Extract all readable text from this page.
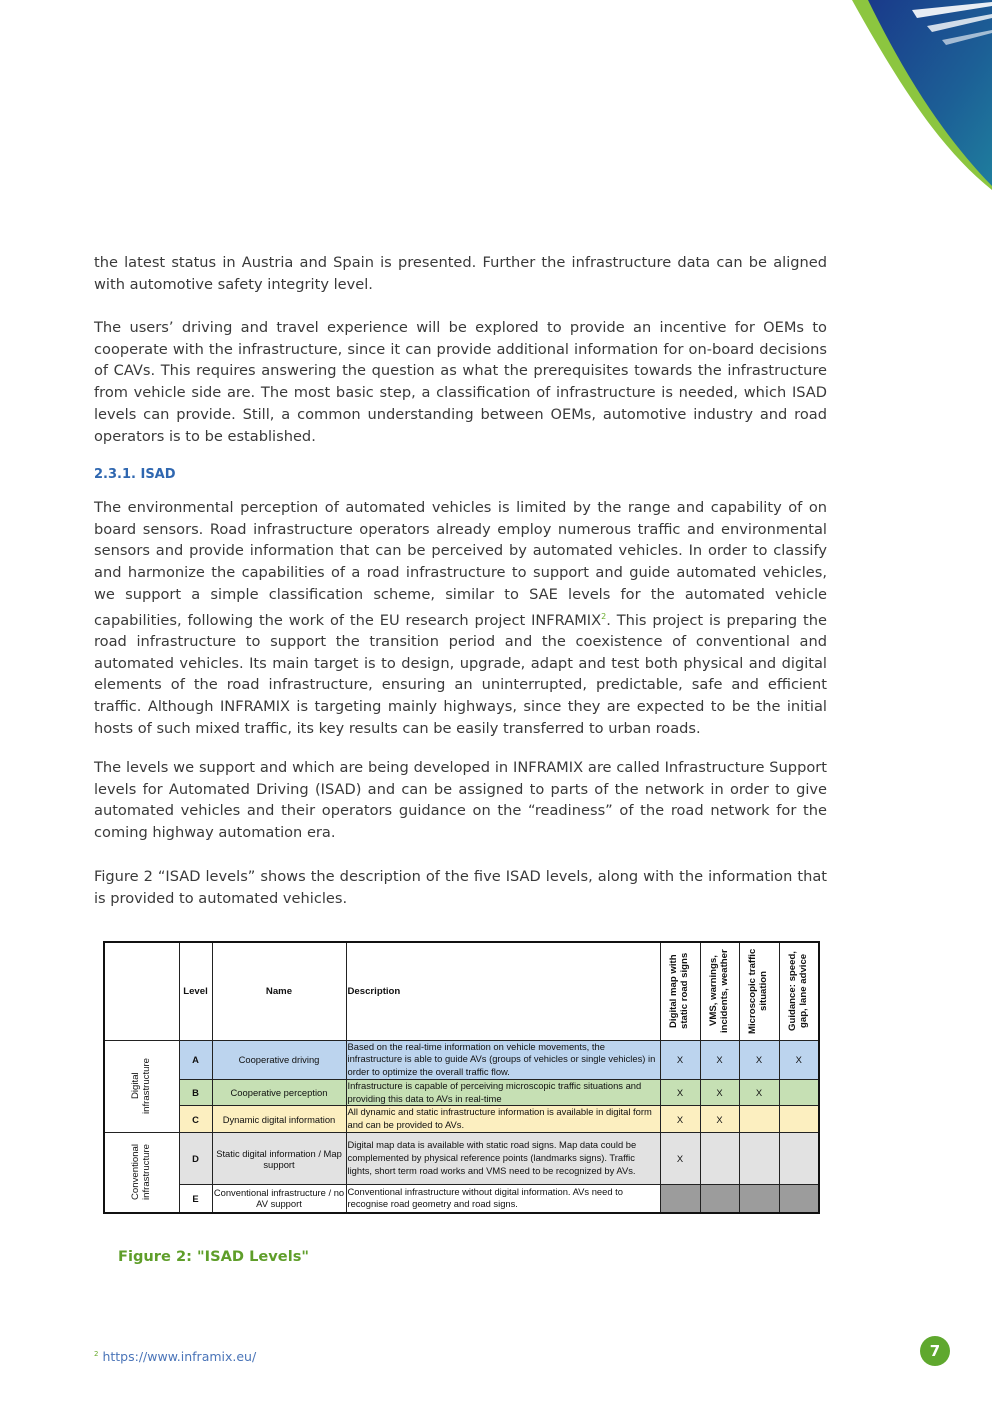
the latest status in Austria and Spain is presented. Further the infrastructure data can be aligned with automotive safety integrity level.

The users’ driving and travel experience will be explored to provide an incentive for OEMs to cooperate with the infrastructure, since it can provide additional information for on-board decisions of CAVs. This requires answering the question as what the prerequisites towards the infrastructure from vehicle side are. The most basic step, a classification of infrastructure is needed, which ISAD levels can provide. Still, a common understanding between OEMs, automotive industry and road operators is to be established.

2.3.1. ISAD

The environmental perception of automated vehicles is limited by the range and capability of on board sensors. Road infrastructure operators already employ numerous traffic and environmental sensors and provide information that can be perceived by automated vehicles. In order to classify and harmonize the capabilities of a road infrastructure to support and guide automated vehicles, we support a simple classification scheme, similar to SAE levels for the automated vehicle capabilities, following the work of the EU research project INFRAMIX$^2$. This project is preparing the road infrastructure to support the transition period and the coexistence of conventional and automated vehicles. Its main target is to design, upgrade, adapt and test both physical and digital elements of the road infrastructure, ensuring an uninterrupted, predictable, safe and efficient traffic. Although INFRAMIX is targeting mainly highways, since they are expected to be the initial hosts of such mixed traffic, its key results can be easily transferred to urban roads.

The levels we support and which are being developed in INFRAMIX are called Infrastructure Support levels for Automated Driving (ISAD) and can be assigned to parts of the network in order to give automated vehicles and their operators guidance on the “readiness” of the road network for the coming highway automation era.

Figure 2 “ISAD levels” shows the description of the five ISAD levels, along with the information that is provided to automated vehicles.

	Level	Name	Description	Digital map with static road signs	VMS, warnings, incidents, weather	Microscopic traffic situation	Guidance: speed, gap, lane advice

Digital infrastructure	A	Cooperative driving	Based on the real-time information on vehicle movements, the infrastructure is able to guide AVs (groups of vehicles or single vehicles) in order to optimize the overall traffic flow.	X	X	X	X
	B	Cooperative perception	Infrastructure is capable of perceiving microscopic traffic situations and providing this data to AVs in real-time	X	X	X	
	C	Dynamic digital information	All dynamic and static infrastructure information is available in digital form and can be provided to AVs.	X	X		

Conventional infrastructure	D	Static digital information / Map support	Digital map data is available with static road signs. Map data could be complemented by physical reference points (landmarks signs). Traffic lights, short term road works and VMS need to be recognized by AVs.	X			
	E	Conventional infrastructure / no AV support	Conventional infrastructure without digital information. AVs need to recognise road geometry and road signs.				
Figure 2: "ISAD Levels"
$^2$ https://www.inframix.eu/	7
